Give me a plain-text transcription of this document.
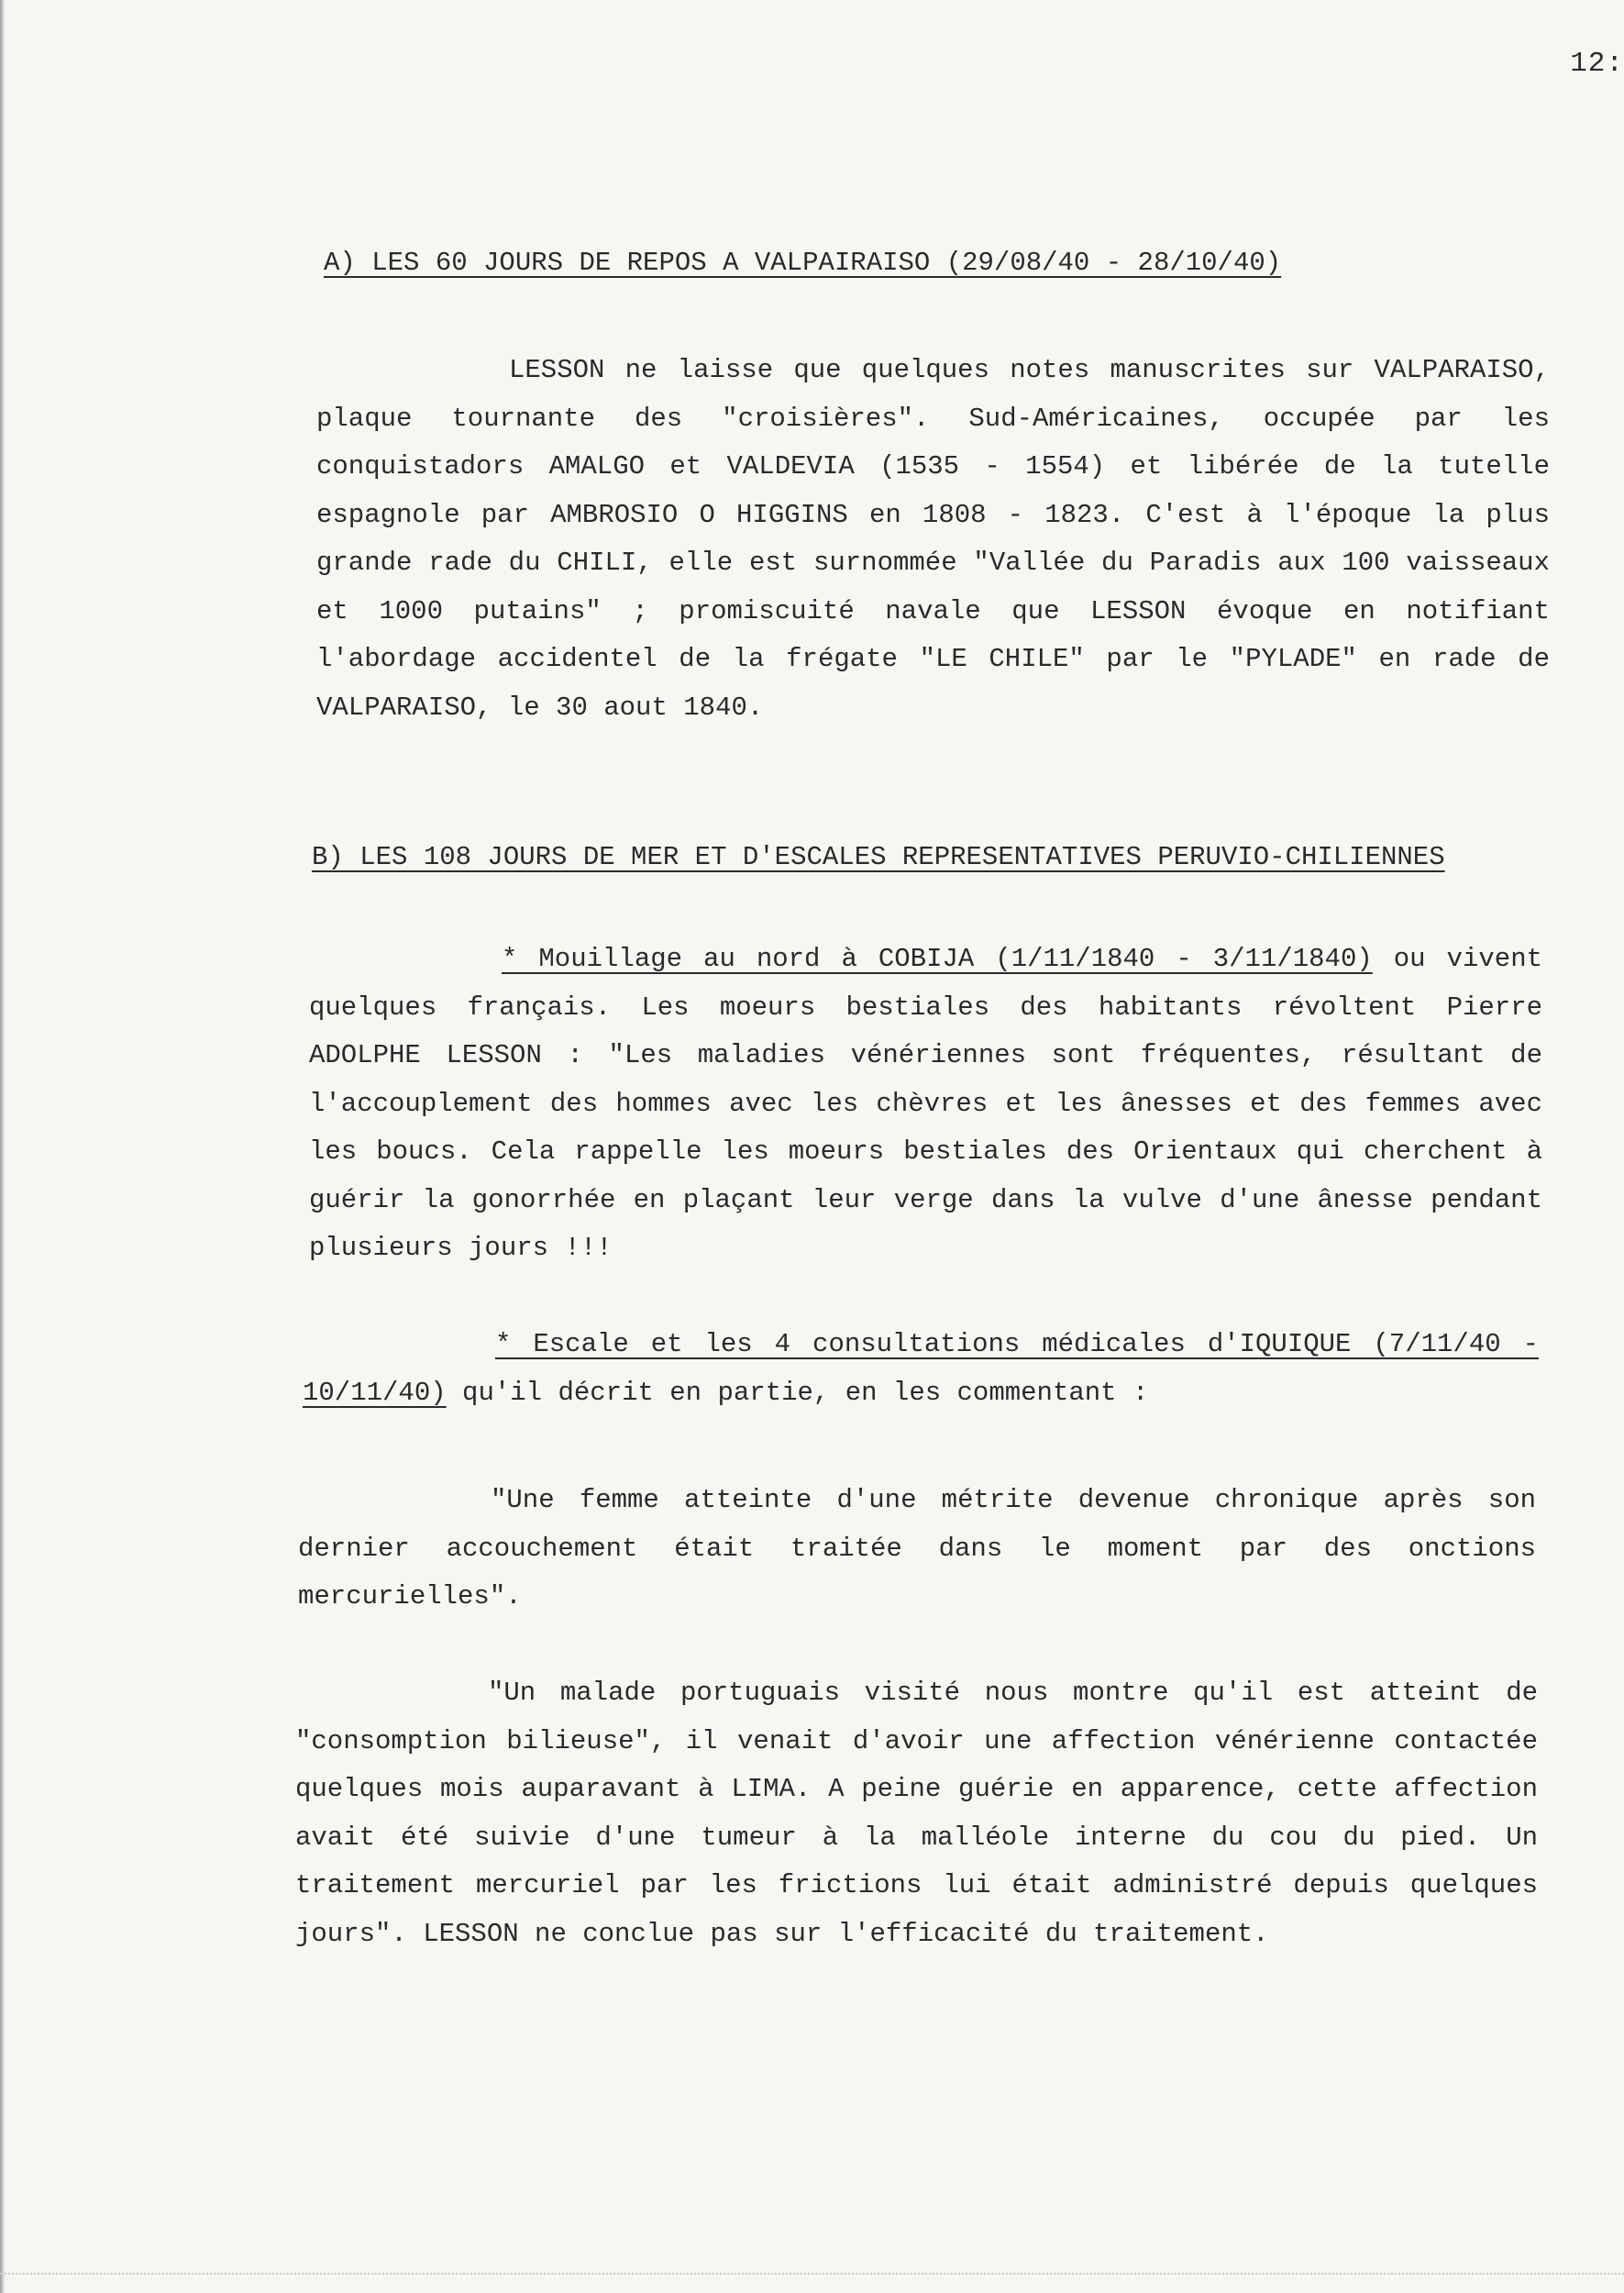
12:
A) LES 60 JOURS DE REPOS A VALPAIRAISO (29/08/40 - 28/10/40)

LESSON ne laisse que quelques notes manuscrites sur VALPARAISO, plaque tournante des "croisières". Sud-Américaines, occupée par les conquistadors AMALGO et VALDEVIA (1535 - 1554) et libérée de la tutelle espagnole par AMBROSIO O HIGGINS en 1808 - 1823. C'est à l'époque la plus grande rade du CHILI, elle est surnommée "Vallée du Paradis aux 100 vaisseaux et 1000 putains" ; promiscuité navale que LESSON évoque en notifiant l'abordage accidentel de la frégate "LE CHILE" par le "PYLADE" en rade de VALPARAISO, le 30 aout 1840.

B) LES 108 JOURS DE MER ET D'ESCALES REPRESENTATIVES PERUVIO-CHILIENNES

* Mouillage au nord à COBIJA (1/11/1840 - 3/11/1840) ou vivent quelques français. Les moeurs bestiales des habitants révoltent Pierre ADOLPHE LESSON : "Les maladies vénériennes sont fréquentes, résultant de l'accouplement des hommes avec les chèvres et les ânesses et des femmes avec les boucs. Cela rappelle les moeurs bestiales des Orientaux qui cherchent à guérir la gonorrhée en plaçant leur verge dans la vulve d'une ânesse pendant plusieurs jours !!!

* Escale et les 4 consultations médicales d'IQUIQUE (7/11/40 - 10/11/40) qu'il décrit en partie, en les commentant :

"Une femme atteinte d'une métrite devenue chronique après son dernier accouchement était traitée dans le moment par des onctions mercurielles".

"Un malade portuguais visité nous montre qu'il est atteint de "consomption bilieuse", il venait d'avoir une affection vénérienne contactée quelques mois auparavant à LIMA. A peine guérie en apparence, cette affection avait été suivie d'une tumeur à la malléole interne du cou du pied. Un traitement mercuriel par les frictions lui était administré depuis quelques jours". LESSON ne conclue pas sur l'efficacité du traitement.
